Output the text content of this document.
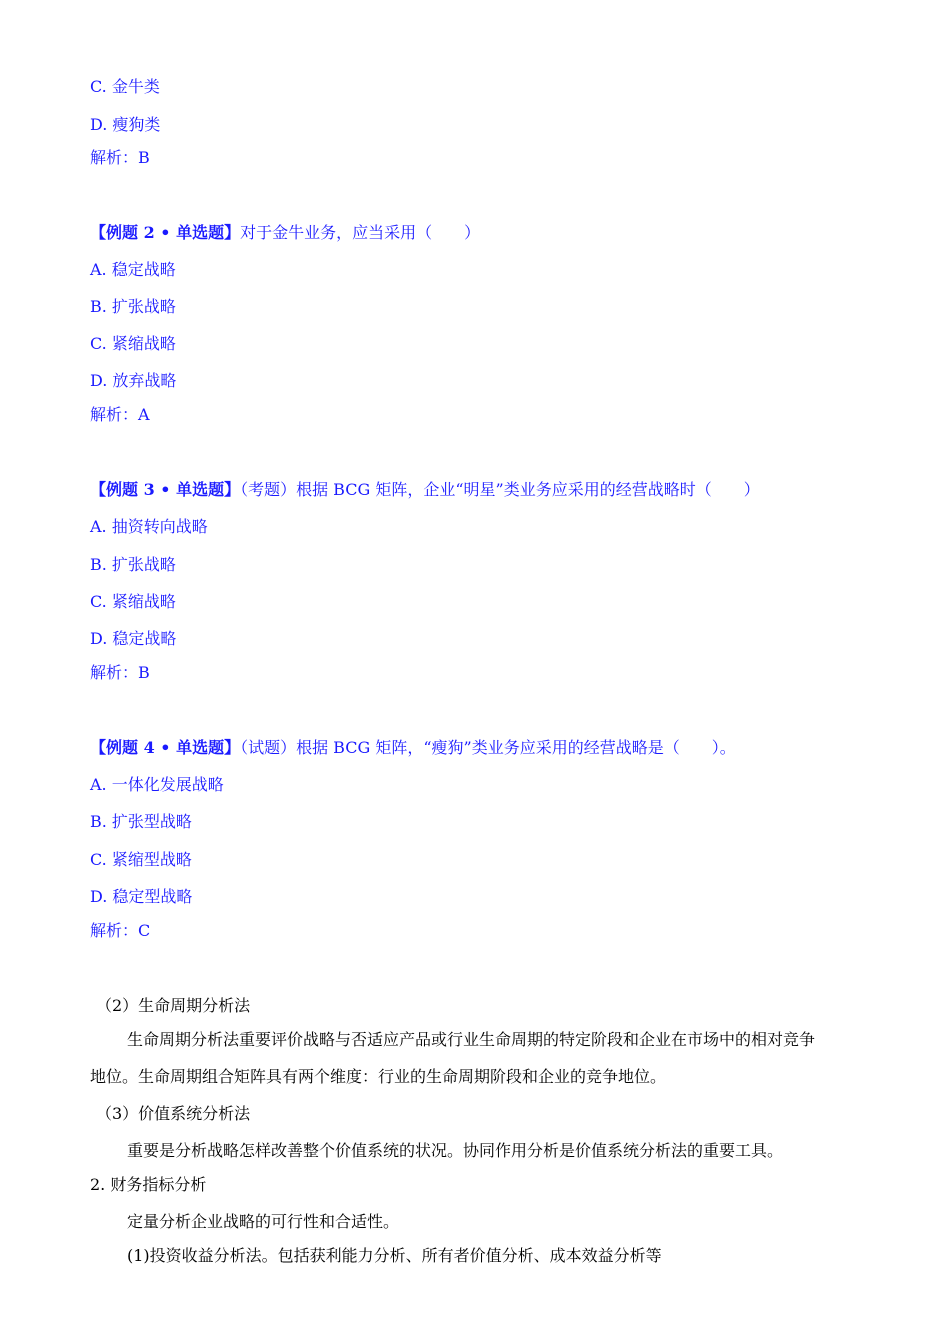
C. 金牛类
D. 瘦狗类
解析：B
【例题 2 • 单选题】对于金牛业务，应当采用（　　）
A. 稳定战略
B. 扩张战略
C. 紧缩战略
D. 放弃战略
解析：A
【例题 3 • 单选题】（考题）根据 BCG 矩阵，企业“明星”类业务应采用的经营战略时（　　）
A. 抽资转向战略
B. 扩张战略
C. 紧缩战略
D. 稳定战略
解析：B
【例题 4 • 单选题】（试题）根据 BCG 矩阵，“瘦狗”类业务应采用的经营战略是（　　）。
A. 一体化发展战略
B. 扩张型战略
C. 紧缩型战略
D. 稳定型战略
解析：C
（2）生命周期分析法
生命周期分析法重要评价战略与否适应产品或行业生命周期的特定阶段和企业在市场中的相对竞争
地位。生命周期组合矩阵具有两个维度：行业的生命周期阶段和企业的竞争地位。
（3）价值系统分析法
重要是分析战略怎样改善整个价值系统的状况。协同作用分析是价值系统分析法的重要工具。
2. 财务指标分析
定量分析企业战略的可行性和合适性。
(1)投资收益分析法。包括获利能力分析、所有者价值分析、成本效益分析等
